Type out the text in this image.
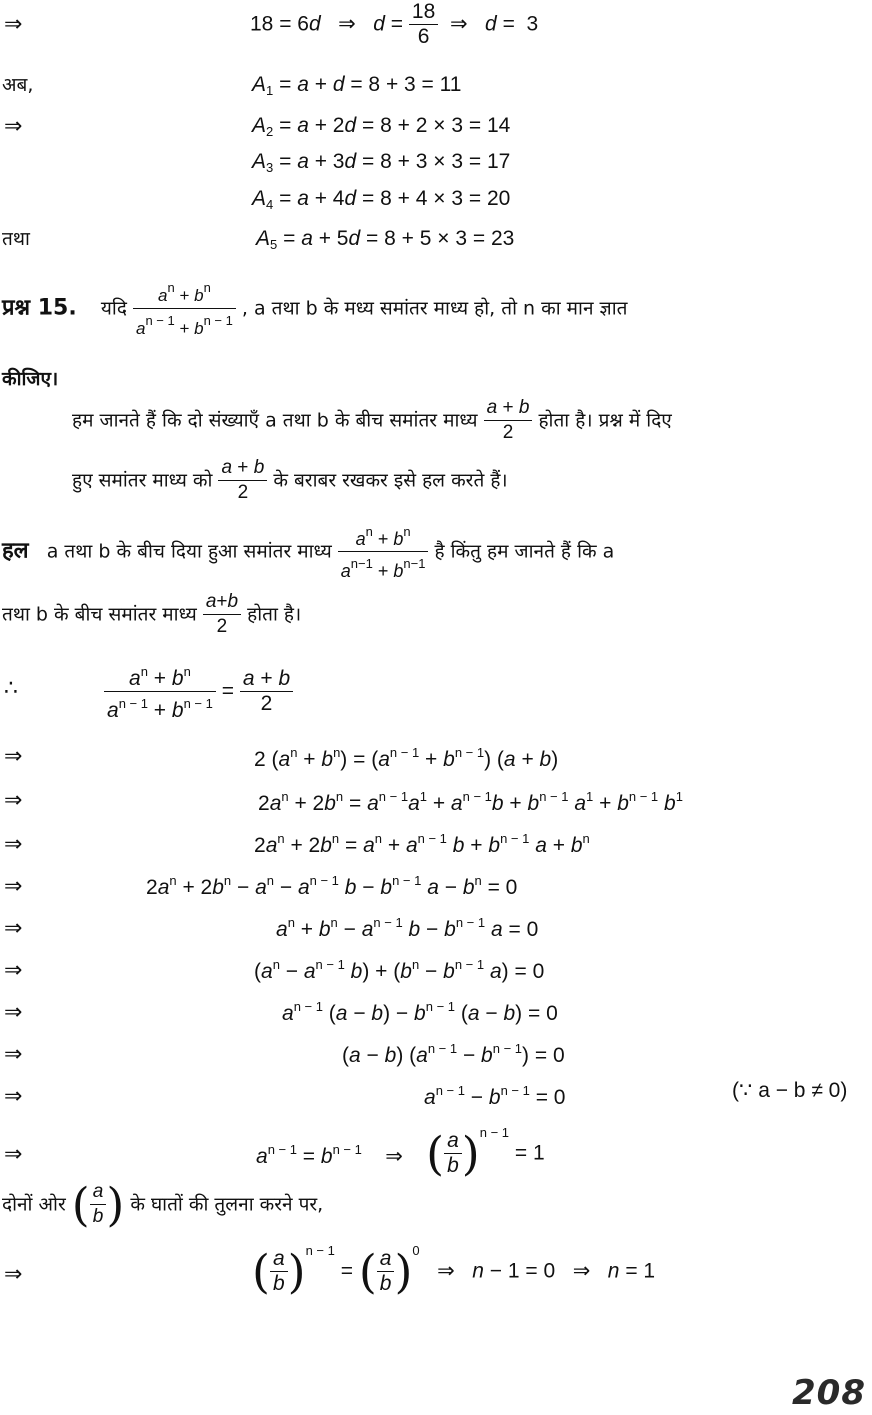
⇒	18 = 6d   ⇒   $d = \frac{18}{6}$ ⇒   d =  3
अब,	$A_1 = a + d = 8 + 3 = 11$
⇒	$A_2 = a + 2d = 8 + 2 \times 3 = 14$
$A_3 = a + 3d = 8 + 3 \times 3 = 17$
$A_4 = a + 4d = 8 + 4 \times 3 = 20$
तथा	$A_5 = a + 5d = 8 + 5 \times 3 = 23$
प्रश्न 15. यदि $\frac{a^n + b^n}{a^{n - 1} + b^{n - 1}}$ , a तथा b के मध्य समांतर माध्य हो, तो n का मान ज्ञात
कीजिए।
हम जानते हैं कि दो संख्याएँ a तथा b के बीच समांतर माध्य $\frac{a + b}{2}$ होता है। प्रश्न में दिए
हुए समांतर माध्य को $\frac{a + b}{2}$ के बराबर रखकर इसे हल करते हैं।
हल a तथा b के बीच दिया हुआ समांतर माध्य $\frac{a^n + b^n}{a^{n-1} + b^{n-1}}$ है किंतु हम जानते हैं कि a
तथा b के बीच समांतर माध्य $\frac{a+b}{2}$ होता है।
∴	$\frac{a^n + b^n}{a^{n - 1} + b^{n - 1}} = \frac{a + b}{2}$
⇒	2 $(a^n + b^n) = (a^{n - 1} + b^{n - 1}) (a + b)$
⇒	$2a^n + 2b^n = a^{n - 1}a^1 + a^{n - 1}b + b^{n - 1}$ $a^1 + b^{n - 1}$ $b^1$
⇒	$2a^n + 2b^n = a^n + a^{n - 1}$ $b + b^{n - 1}$ $a + b^n$
⇒	$2a^n + 2b^n - a^n - a^{n - 1}$ $b - b^{n - 1}$ $a - b^n = 0$
⇒	$a^n + b^n - a^{n - 1}$ $b - b^{n - 1}$ a = 0
⇒	($a^n - a^{n - 1}$ $b) + (b^n - b^{n - 1}$ a) = 0
⇒	$a^{n - 1}$ $(a - b) - b^{n - 1}$ (a − b) = 0
⇒	(a − b) $(a^{n - 1} - b^{n - 1}) = 0$
⇒	$a^{n - 1} - b^{n - 1} = 0$	(∵ a − b ≠ 0)
⇒	$a^{n - 1} = b^{n - 1}$    ⇒    ( $\frac{a}{b} )^{n - 1} = 1$
दोनों ओर ( $\frac{a}{b}$ ) के घातों की तुलना करने पर,
⇒	( $\frac{a}{b} )^{n - 1}$ = ( $\frac{a}{b} )^0$   ⇒   n − 1 = 0   ⇒   n = 1
208
